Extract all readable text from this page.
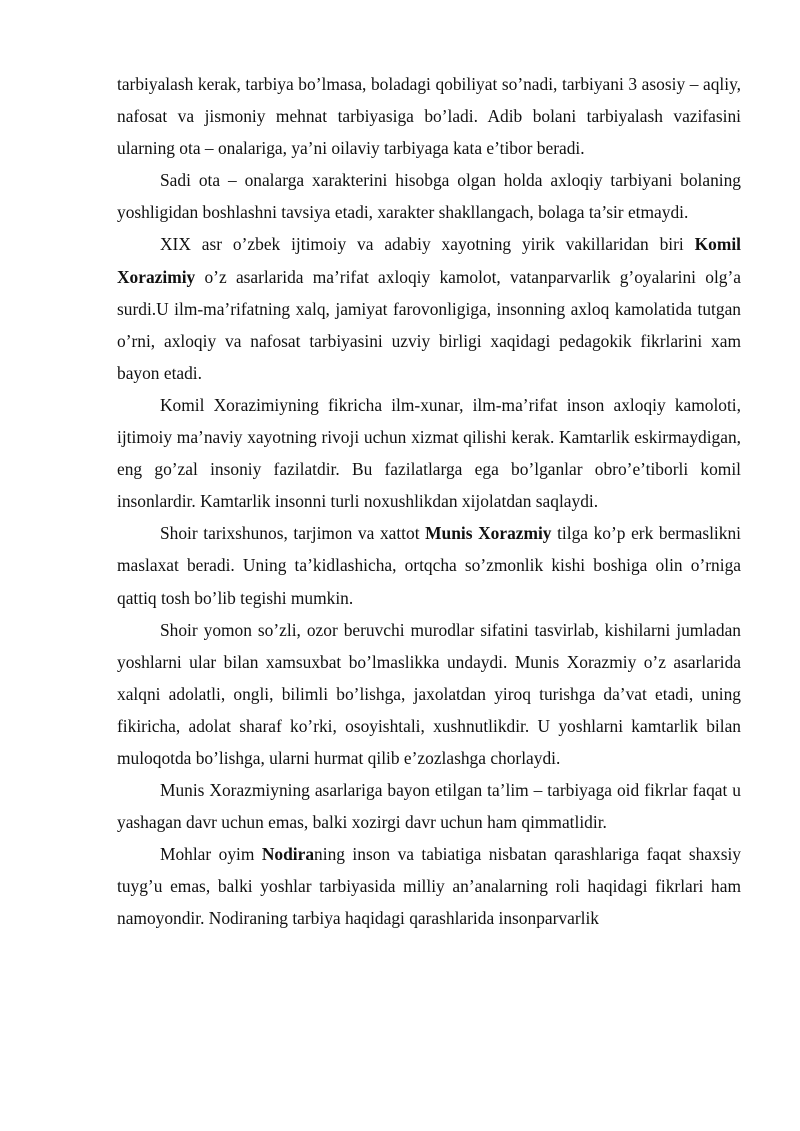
tarbiyalash kerak, tarbiya bo’lmasa, boladagi qobiliyat so’nadi, tarbiyani 3 asosiy – aqliy, nafosat va jismoniy mehnat tarbiyasiga bo’ladi. Adib bolani tarbiyalash vazifasini ularning ota – onalariga, ya’ni oilaviy tarbiyaga kata e’tibor beradi.

Sadi ota – onalarga xarakterini hisobga olgan holda axloqiy tarbiyani bolaning yoshligidan boshlashni tavsiya etadi, xarakter shakllangach, bolaga ta’sir etmaydi.

XIX asr o’zbek ijtimoiy va adabiy xayotning yirik vakillaridan biri Komil Xorazimiy o’z asarlarida ma’rifat axloqiy kamolot, vatanparvarlik g’oyalarini olg’a surdi.U ilm-ma’rifatning xalq, jamiyat farovonligiga, insonning axloq kamolatida tutgan o’rni, axloqiy va nafosat tarbiyasini uzviy birligi xaqidagi pedagokik fikrlarini xam bayon etadi.

Komil Xorazimiyning fikricha ilm-xunar, ilm-ma’rifat inson axloqiy kamoloti, ijtimoiy ma’naviy xayotning rivoji uchun xizmat qilishi kerak. Kamtarlik eskirmaydigan, eng go’zal insoniy fazilatdir. Bu fazilatlarga ega bo’lganlar obro’e’tiborli komil insonlardir. Kamtarlik insonni turli noxushlikdan xijolatdan saqlaydi.

Shoir tarixshunos, tarjimon va xattot Munis Xorazmiy tilga ko’p erk bermaslikni maslaxat beradi. Uning ta’kidlashicha, ortqcha so’zmonlik kishi boshiga olin o’rniga qattiq tosh bo’lib tegishi mumkin.

Shoir yomon so’zli, ozor beruvchi murodlar sifatini tasvirlab, kishilarni jumladan yoshlarni ular bilan xamsuxbat bo’lmaslikka undaydi. Munis Xorazmiy o’z asarlarida xalqni adolatli, ongli, bilimli bo’lishga, jaxolatdan yiroq turishga da’vat etadi, uning fikiricha, adolat sharaf ko’rki, osoyishtali, xushnutlikdir. U yoshlarni kamtarlik bilan muloqotda bo’lishga, ularni hurmat qilib e’zozlashga chorlaydi.

Munis Xorazmiyning asarlariga bayon etilgan ta’lim – tarbiyaga oid fikrlar faqat u yashagan davr uchun emas, balki xozirgi davr uchun ham qimmatlidir.

Mohlar oyim Nodiraning inson va tabiatiga nisbatan qarashlariga faqat shaxsiy tuyg’u emas, balki yoshlar tarbiyasida milliy an’analarning roli haqidagi fikrlari ham namoyondir. Nodiraning tarbiya haqidagi qarashlarida insonparvarlik
